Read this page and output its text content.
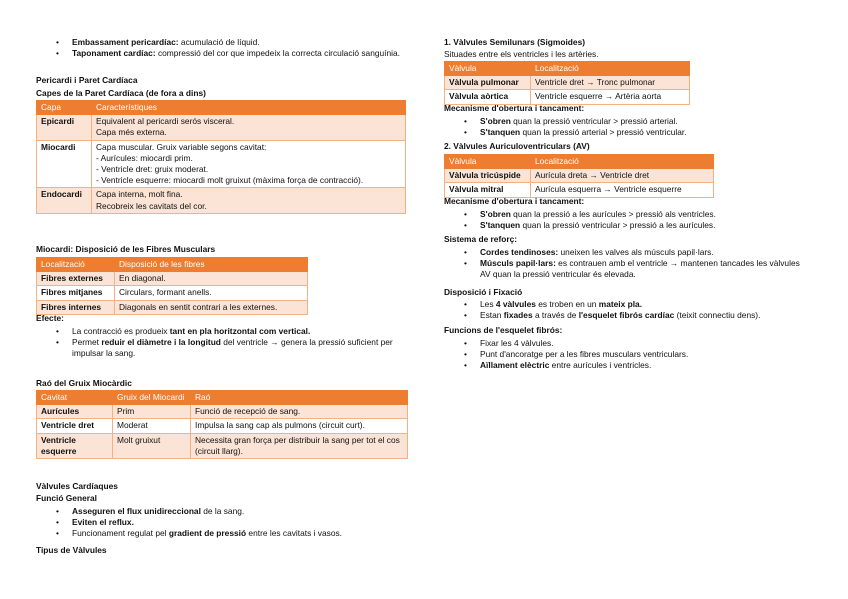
• Embassament pericardíac: acumulació de líquid.
• Taponament cardíac: compressió del cor que impedeix la correcta circulació sanguínia.
Pericardi i Paret Cardíaca
Capes de la Paret Cardíaca (de fora a dins)
Capa	Característiques
Epicardi	Equivalent al pericardi serós visceral.
Capa més externa.

Miocardi	Capa muscular. Gruix variable segons cavitat:
- Aurícules: miocardi prim.
- Ventricle dret: gruix moderat.
- Ventricle esquerre: miocardi molt gruixut (màxima força de contracció).

Endocardi	Capa interna, molt fina.
Recobreix les cavitats del cor.
Miocardi: Disposició de les Fibres Musculars
Localització	Disposició de les fibres
Fibres externes	En diagonal.
Fibres mitjanes	Circulars, formant anells.
Fibres internes	Diagonals en sentit contrari a les externes.
Efecte:
• La contracció es produeix tant en pla horitzontal com vertical.
• Permet reduir el diàmetre i la longitud del ventricle → genera la pressió suficient per impulsar la sang.
Raó del Gruix Miocàrdic
Cavitat	Gruix del Miocardi	Raó
Aurícules	Prim	Funció de recepció de sang.
Ventricle dret	Moderat	Impulsa la sang cap als pulmons (circuit curt).
Ventricle esquerre	Molt gruixut	Necessita gran força per distribuir la sang per tot el cos (circuit llarg).
Vàlvules Cardíaques
Funció General
• Asseguren el flux unidireccional de la sang.
• Eviten el reflux.
• Funcionament regulat pel gradient de pressió entre les cavitats i vasos.
Tipus de Vàlvules
1. Vàlvules Semilunars (Sigmoides)
Situades entre els ventricles i les artèries.
Vàlvula	Localització
Vàlvula pulmonar	Ventricle dret → Tronc pulmonar
Vàlvula aòrtica	Ventricle esquerre → Artèria aorta
Mecanisme d'obertura i tancament:
• S'obren quan la pressió ventricular > pressió arterial.
• S'tanquen quan la pressió arterial > pressió ventricular.
2. Vàlvules Auriculoventriculars (AV)
Vàlvula	Localització
Vàlvula tricúspide	Aurícula dreta → Ventricle dret
Vàlvula mitral	Aurícula esquerra → Ventricle esquerre
Mecanisme d'obertura i tancament:
• S'obren quan la pressió a les aurícules > pressió als ventricles.
• S'tanquen quan la pressió ventricular > pressió a les aurícules.
Sistema de reforç:
• Cordes tendinoses: uneixen les valves als músculs papil·lars.
• Músculs papil·lars: es contrauen amb el ventricle → mantenen tancades les vàlvules AV quan la pressió ventricular és elevada.
Disposició i Fixació
• Les 4 vàlvules es troben en un mateix pla.
• Estan fixades a través de l'esquelet fibrós cardíac (teixit connectiu dens).
Funcions de l'esquelet fibrós:
• Fixar les 4 vàlvules.
• Punt d'ancoratge per a les fibres musculars ventriculars.
• Aïllament elèctric entre aurícules i ventricles.
